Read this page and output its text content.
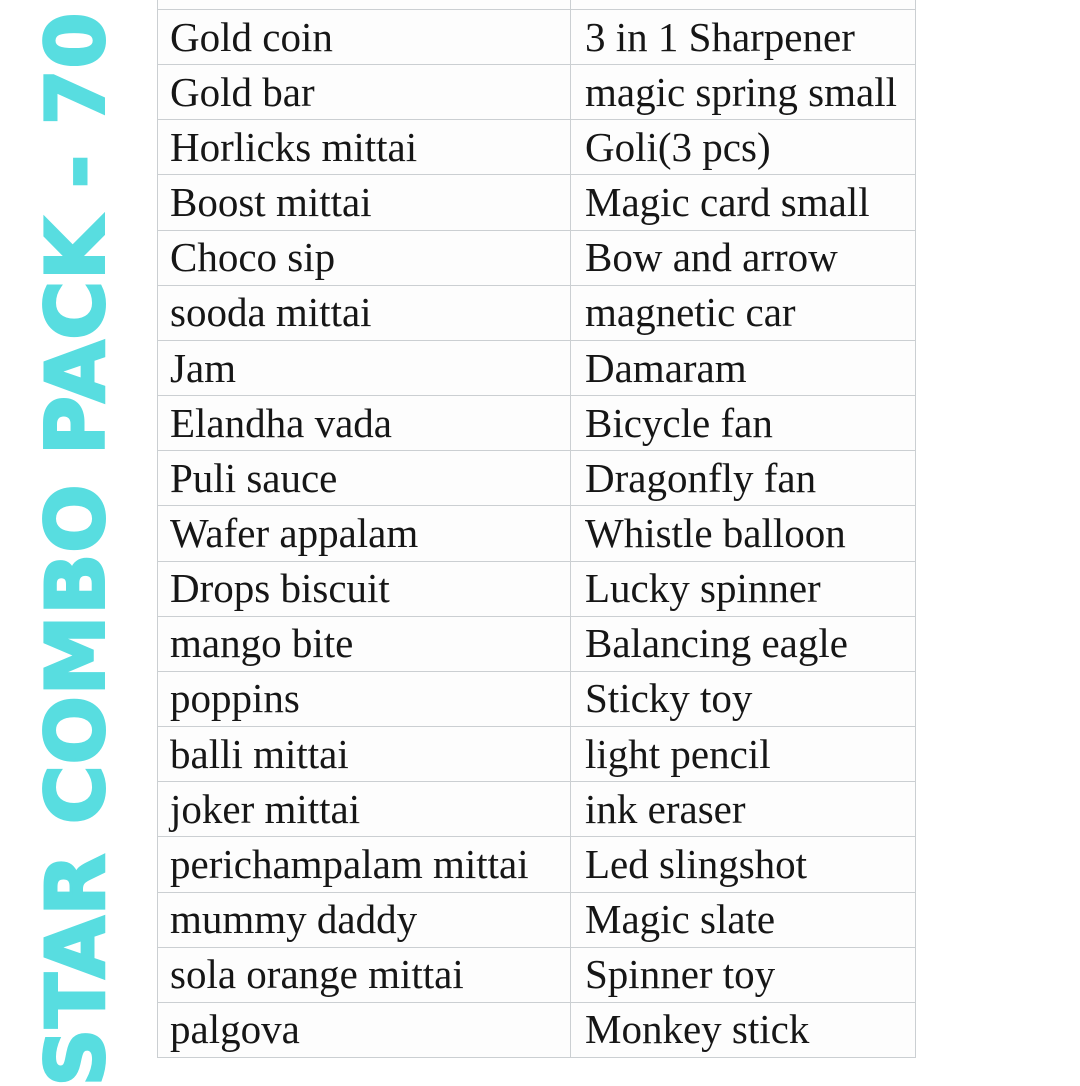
STAR COMBO PACK - 70 Gold coin	3 in 1 Sharpener
Gold bar	magic spring small
Horlicks mittai	Goli(3 pcs)
Boost mittai	Magic card small
Choco sip	Bow and arrow
sooda mittai	magnetic car
Jam	Damaram
Elandha vada	Bicycle fan
Puli sauce	Dragonfly fan
Wafer appalam	Whistle balloon
Drops biscuit	Lucky spinner
mango bite	Balancing eagle
poppins	Sticky toy
balli mittai	light pencil
joker mittai	ink eraser
perichampalam mittai	Led slingshot
mummy daddy	Magic slate
sola orange mittai	Spinner toy
palgova	Monkey stick
